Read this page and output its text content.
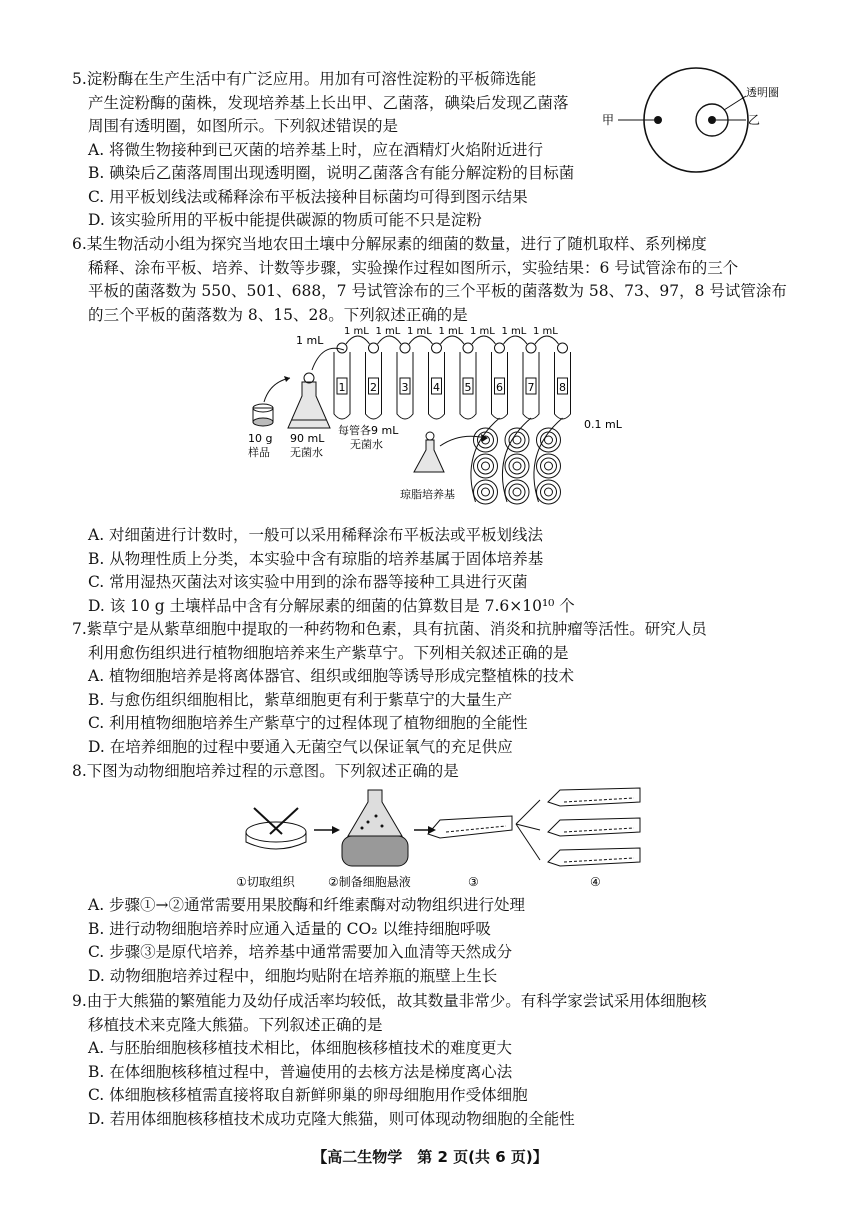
5.淀粉酶在生产生活中有广泛应用。用加有可溶性淀粉的平板筛选能

产生淀粉酶的菌株，发现培养基上长出甲、乙菌落，碘染后发现乙菌落

周围有透明圈，如图所示。下列叙述错误的是

A. 将微生物接种到已灭菌的培养基上时，应在酒精灯火焰附近进行

B. 碘染后乙菌落周围出现透明圈，说明乙菌落含有能分解淀粉的目标菌

C. 用平板划线法或稀释涂布平板法接种目标菌均可得到图示结果

D. 该实验所用的平板中能提供碳源的物质可能不只是淀粉

甲	乙
透明圈

6.某生物活动小组为探究当地农田土壤中分解尿素的细菌的数量，进行了随机取样、系列梯度

稀释、涂布平板、培养、计数等步骤，实验操作过程如图所示，实验结果：6 号试管涂布的三个

平板的菌落数为 550、501、688，7 号试管涂布的三个平板的菌落数为 58、73、97，8 号试管涂布

的三个平板的菌落数为 8、15、28。下列叙述正确的是

10 g
样品
90 mL
无菌水
1 mL
1
1 mL
2
1 mL
3
1 mL
4
1 mL
5
1 mL
6
1 mL
7
1 mL
8
每管各9 mL
无菌水
琼脂培养基
0.1 mL

A. 对细菌进行计数时，一般可以采用稀释涂布平板法或平板划线法

B. 从物理性质上分类，本实验中含有琼脂的培养基属于固体培养基

C. 常用湿热灭菌法对该实验中用到的涂布器等接种工具进行灭菌

D. 该 10 g 土壤样品中含有分解尿素的细菌的估算数目是 7.6×10¹⁰ 个

7.紫草宁是从紫草细胞中提取的一种药物和色素，具有抗菌、消炎和抗肿瘤等活性。研究人员

利用愈伤组织进行植物细胞培养来生产紫草宁。下列相关叙述正确的是

A. 植物细胞培养是将离体器官、组织或细胞等诱导形成完整植株的技术

B. 与愈伤组织细胞相比，紫草细胞更有利于紫草宁的大量生产

C. 利用植物细胞培养生产紫草宁的过程体现了植物细胞的全能性

D. 在培养细胞的过程中要通入无菌空气以保证氧气的充足供应

8.下图为动物细胞培养过程的示意图。下列叙述正确的是

①切取组织	②制备细胞悬液	③	④

A. 步骤①→②通常需要用果胶酶和纤维素酶对动物组织进行处理

B. 进行动物细胞培养时应通入适量的 CO₂ 以维持细胞呼吸

C. 步骤③是原代培养，培养基中通常需要加入血清等天然成分

D. 动物细胞培养过程中，细胞均贴附在培养瓶的瓶壁上生长

9.由于大熊猫的繁殖能力及幼仔成活率均较低，故其数量非常少。有科学家尝试采用体细胞核

移植技术来克隆大熊猫。下列叙述正确的是

A. 与胚胎细胞核移植技术相比，体细胞核移植技术的难度更大

B. 在体细胞核移植过程中，普遍使用的去核方法是梯度离心法

C. 体细胞核移植需直接将取自新鲜卵巢的卵母细胞用作受体细胞

D. 若用体细胞核移植技术成功克隆大熊猫，则可体现动物细胞的全能性

【高二生物学　第 2 页(共 6 页)】
